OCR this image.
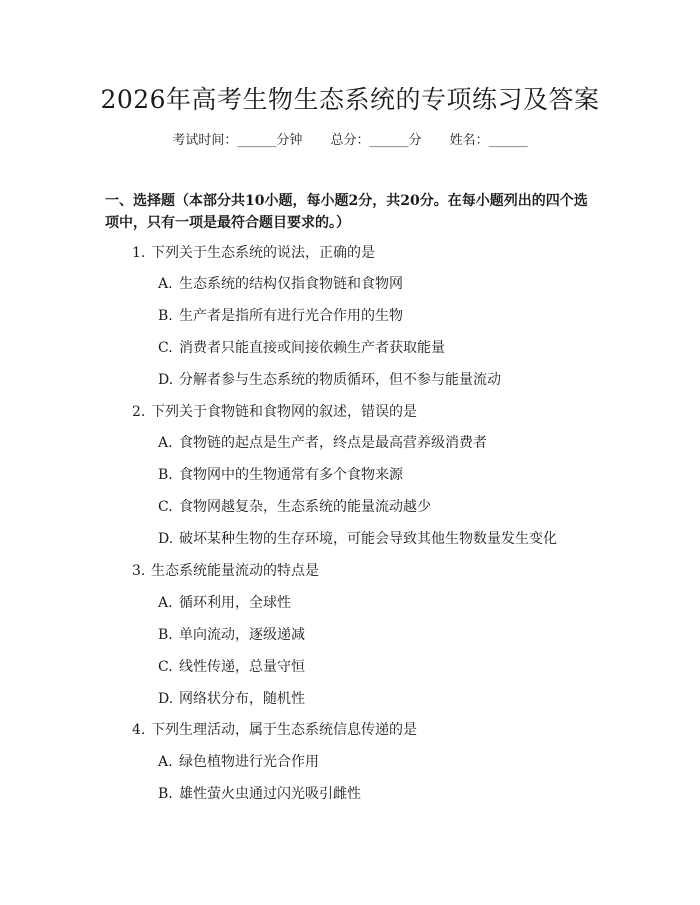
2026年高考生物生态系统的专项练习及答案
考试时间：______分钟 总分：______分 姓名：______
一、选择题（本部分共10小题，每小题2分，共20分。在每小题列出的四个选项中，只有一项是最符合题目要求的。）
1. 下列关于生态系统的说法，正确的是
A. 生态系统的结构仅指食物链和食物网
B. 生产者是指所有进行光合作用的生物
C. 消费者只能直接或间接依赖生产者获取能量
D. 分解者参与生态系统的物质循环，但不参与能量流动
2. 下列关于食物链和食物网的叙述，错误的是
A. 食物链的起点是生产者，终点是最高营养级消费者
B. 食物网中的生物通常有多个食物来源
C. 食物网越复杂，生态系统的能量流动越少
D. 破坏某种生物的生存环境，可能会导致其他生物数量发生变化
3. 生态系统能量流动的特点是
A. 循环利用，全球性
B. 单向流动，逐级递减
C. 线性传递，总量守恒
D. 网络状分布，随机性
4. 下列生理活动，属于生态系统信息传递的是
A. 绿色植物进行光合作用
B. 雄性萤火虫通过闪光吸引雌性
